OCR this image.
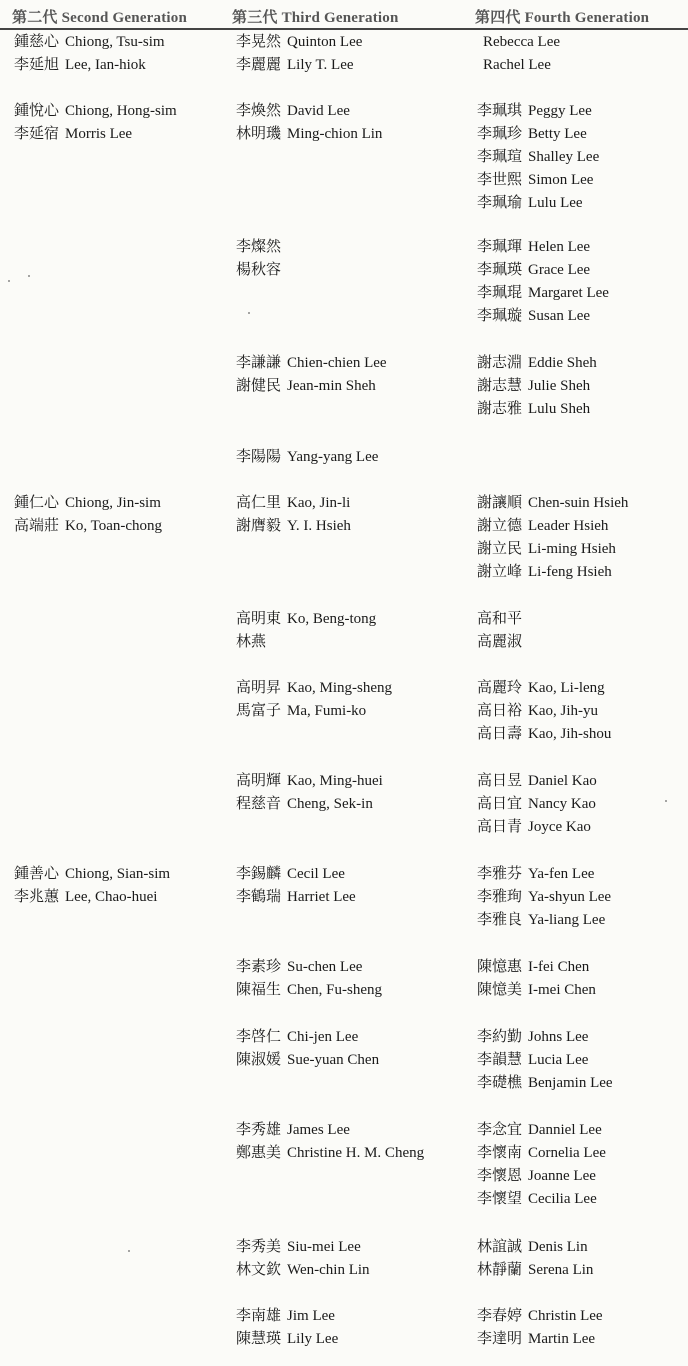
第二代 Second Generation	第三代 Third Generation	第四代 Fourth Generation
鍾慈心 Chiong, Tsu-sim
李延旭 Lee, Ian-hiok
李晃然 Quinton Lee
李麗麗 Lily T. Lee
Rebecca Lee
Rachel Lee
鍾悅心 Chiong, Hong-sim
李延宿 Morris Lee
李煥然 David Lee
林明璣 Ming-chion Lin
李珮琪 Peggy Lee
李珮珍 Betty Lee
李珮瑄 Shalley Lee
李世熙 Simon Lee
李珮瑜 Lulu Lee
李燦然
楊秋容
李珮琿 Helen Lee
李珮瑛 Grace Lee
李珮琨 Margaret Lee
李珮璇 Susan Lee
李謙謙 Chien-chien Lee
謝健民 Jean-min Sheh
謝志淵 Eddie Sheh
謝志慧 Julie Sheh
謝志雅 Lulu Sheh
李陽陽 Yang-yang Lee
鍾仁心 Chiong, Jin-sim
高端莊 Ko, Toan-chong
高仁里 Kao, Jin-li
謝膺毅 Y. I. Hsieh
謝讓順 Chen-suin Hsieh
謝立德 Leader Hsieh
謝立民 Li-ming Hsieh
謝立峰 Li-feng Hsieh
高明東 Ko, Beng-tong
林燕
高和平
高麗淑
高明昇 Kao, Ming-sheng
馬富子 Ma, Fumi-ko
高麗玲 Kao, Li-leng
高日裕 Kao, Jih-yu
高日壽 Kao, Jih-shou
高明輝 Kao, Ming-huei
程慈音 Cheng, Sek-in
高日昱 Daniel Kao
高日宜 Nancy Kao
高日青 Joyce Kao
鍾善心 Chiong, Sian-sim
李兆蕙 Lee, Chao-huei
李錫麟 Cecil Lee
李鶴瑞 Harriet Lee
李雅芬 Ya-fen Lee
李雅珣 Ya-shyun Lee
李雅良 Ya-liang Lee
李素珍 Su-chen Lee
陳福生 Chen, Fu-sheng
陳憶惠 I-fei Chen
陳憶美 I-mei Chen
李啓仁 Chi-jen Lee
陳淑媛 Sue-yuan Chen
李約勤 Johns Lee
李韻慧 Lucia Lee
李礎樵 Benjamin Lee
李秀雄 James Lee
鄭惠美 Christine H. M. Cheng
李念宜 Danniel Lee
李懷南 Cornelia Lee
李懷恩 Joanne Lee
李懷望 Cecilia Lee
李秀美 Siu-mei Lee
林文欽 Wen-chin Lin
林誼誠 Denis Lin
林靜蘭 Serena Lin
李南雄 Jim Lee
陳慧瑛 Lily Lee
李春婷 Christin Lee
李達明 Martin Lee
